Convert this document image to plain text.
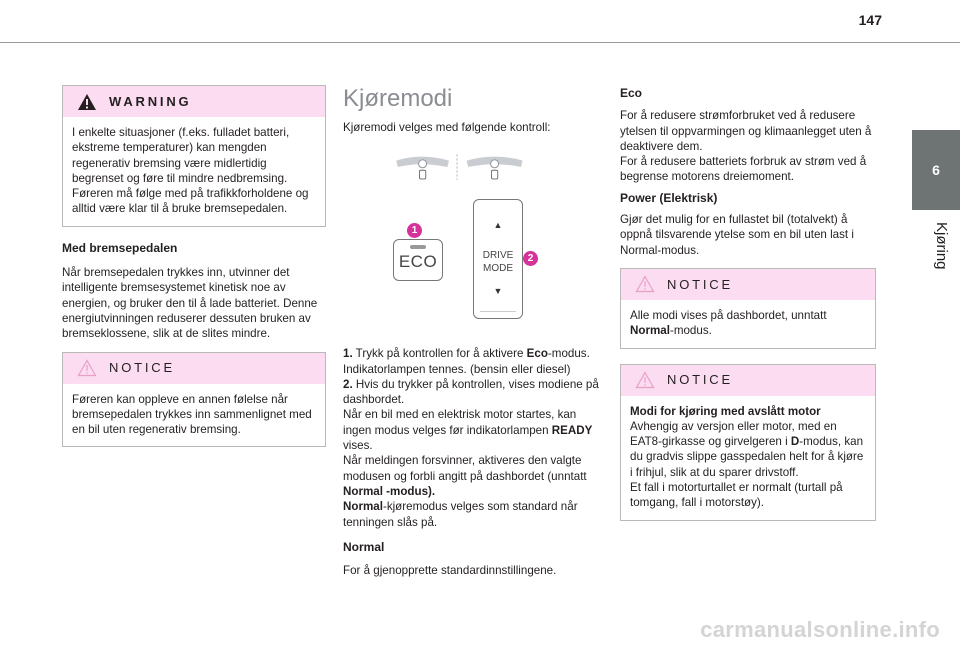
147
6
Kjøring
WARNING

I enkelte situasjoner (f.eks. fulladet batteri, ekstreme temperaturer) kan mengden regenerativ bremsing være midlertidig begrenset og føre til mindre nedbremsing. Føreren må følge med på trafikkforholdene og alltid være klar til å bruke bremsepedalen.

Med bremsepedalen

Når bremsepedalen trykkes inn, utvinner det intelligente bremsesystemet kinetisk noe av energien, og bruker den til å lade batteriet. Denne energiutvinningen reduserer dessuten bruken av bremseklossene, slik at de slites mindre.

NOTICE

Føreren kan oppleve en annen følelse når bremsepedalen trykkes inn sammenlignet med en bil uten regenerativ bremsing.

Kjøremodi

Kjøremodi velges med følgende kontroll:

ECO
1	▲
DRIVE
MODE
▼
2

1. Trykk på kontrollen for å aktivere Eco-modus.

Indikatorlampen tennes. (bensin eller diesel)

2. Hvis du trykker på kontrollen, vises modiene på dashbordet.

Når en bil med en elektrisk motor startes, kan ingen modus velges før indikatorlampen READY vises.

Når meldingen forsvinner, aktiveres den valgte modusen og forbli angitt på dashbordet (unntatt Normal -modus).

Normal-kjøremodus velges som standard når tenningen slås på.

Normal

For å gjenopprette standardinnstillingene.

Eco

For å redusere strømforbruket ved å redusere ytelsen til oppvarmingen og klimaanlegget uten å deaktivere dem.

For å redusere batteriets forbruk av strøm ved å begrense motorens dreiemoment.

Power (Elektrisk)

Gjør det mulig for en fullastet bil (totalvekt) å oppnå tilsvarende ytelse som en bil uten last i Normal-modus.

NOTICE

Alle modi vises på dashbordet, unntatt Normal-modus.

NOTICE

Modi for kjøring med avslått motor

Avhengig av versjon eller motor, med en EAT8-girkasse og girvelgeren i D-modus, kan du gradvis slippe gasspedalen helt for å kjøre i frihjul, slik at du sparer drivstoff.

Et fall i motorturtallet er normalt (turtall på tomgang, fall i motorstøy).

carmanualsonline.info
